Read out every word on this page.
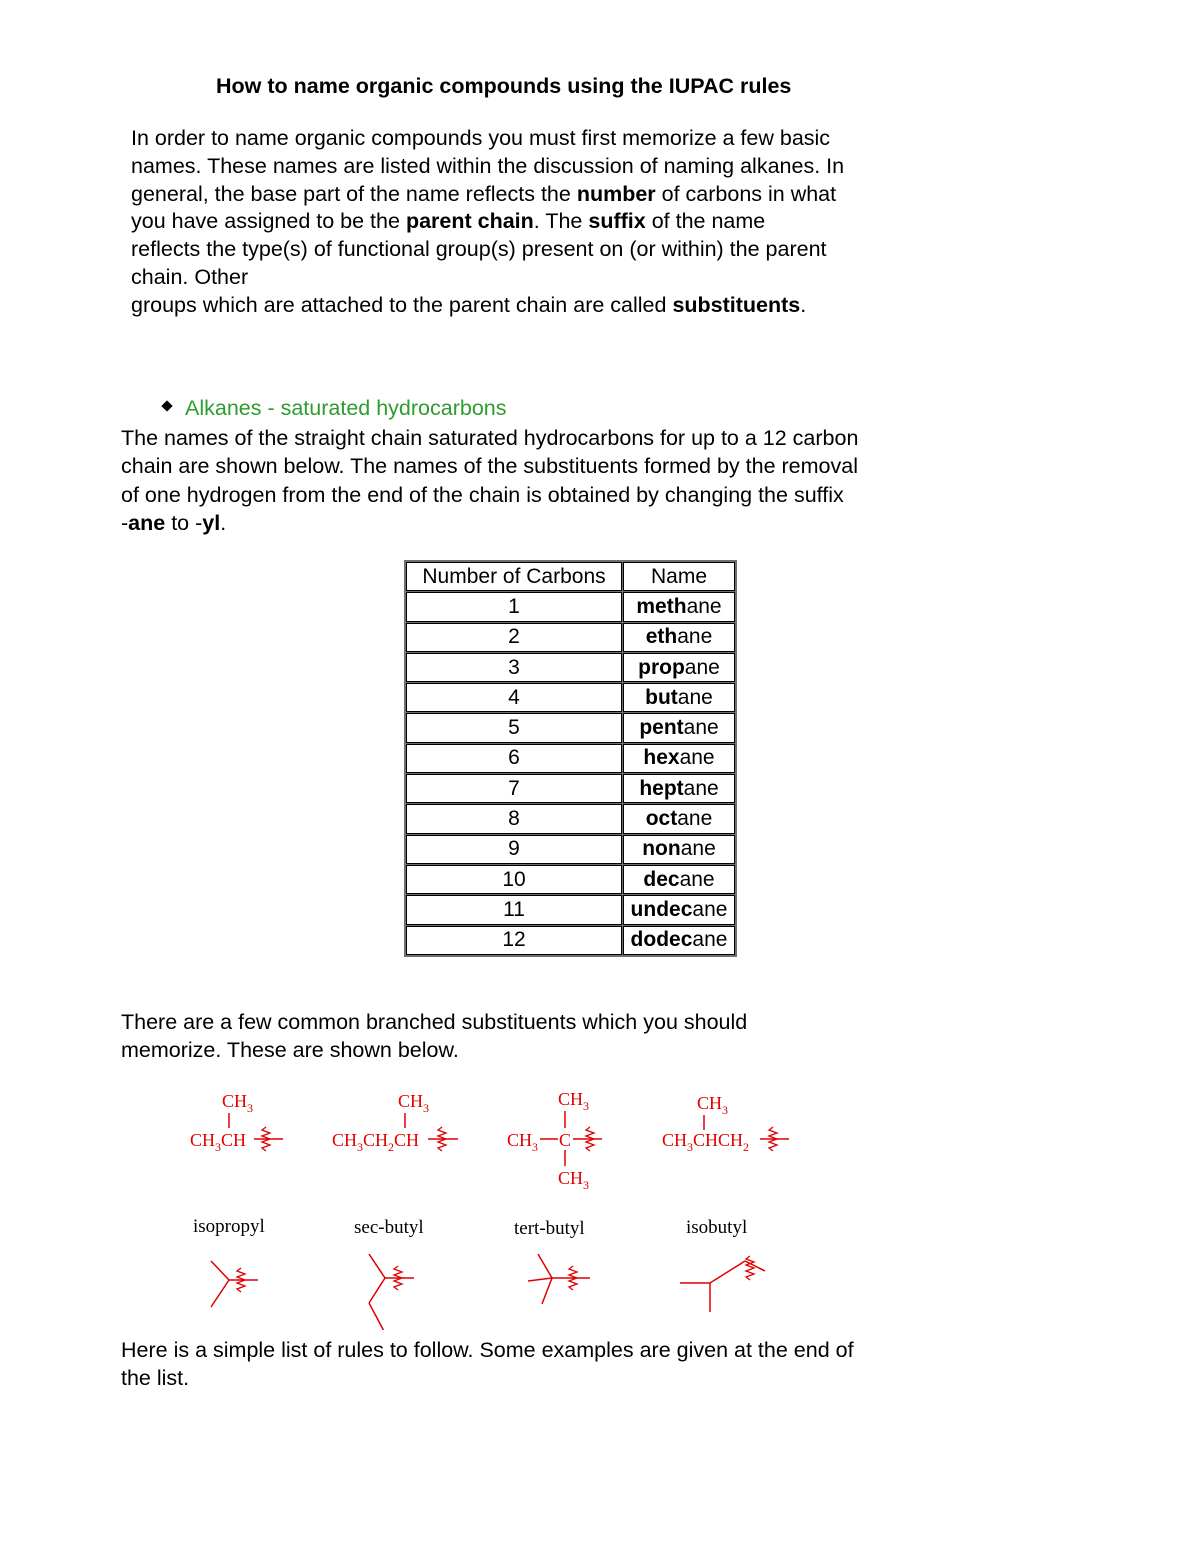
How to name organic compounds using the IUPAC rules
In order to name organic compounds you must first memorize a few basic
names. These names are listed within the discussion of naming alkanes. In
general, the base part of the name reflects the number of carbons in what
you have assigned to be the parent chain. The suffix of the name
reflects the type(s) of functional group(s) present on (or within) the parent
chain. Other
groups which are attached to the parent chain are called substituents.
Alkanes - saturated hydrocarbons
The names of the straight chain saturated hydrocarbons for up to a 12 carbon
chain are shown below. The names of the substituents formed by the removal
of one hydrogen from the end of the chain is obtained by changing the suffix
-ane to -yl.
Number of Carbons	Name
1	methane
2	ethane
3	propane
4	butane
5	pentane
6	hexane
7	heptane
8	octane
9	nonane
10	decane
11	undecane
12	dodecane
There are a few common branched substituents which you should
memorize. These are shown below.
$CH_3$
$CH_3CH$
$CH_3$
$CH_3CH_2CH$
$CH_3$
$CH_3$ C
$CH_3$
$CH_3$
$CH_3CHCH_2$
isopropyl	sec-butyl	tert-butyl	isobutyl
Here is a simple list of rules to follow. Some examples are given at the end of
the list.
